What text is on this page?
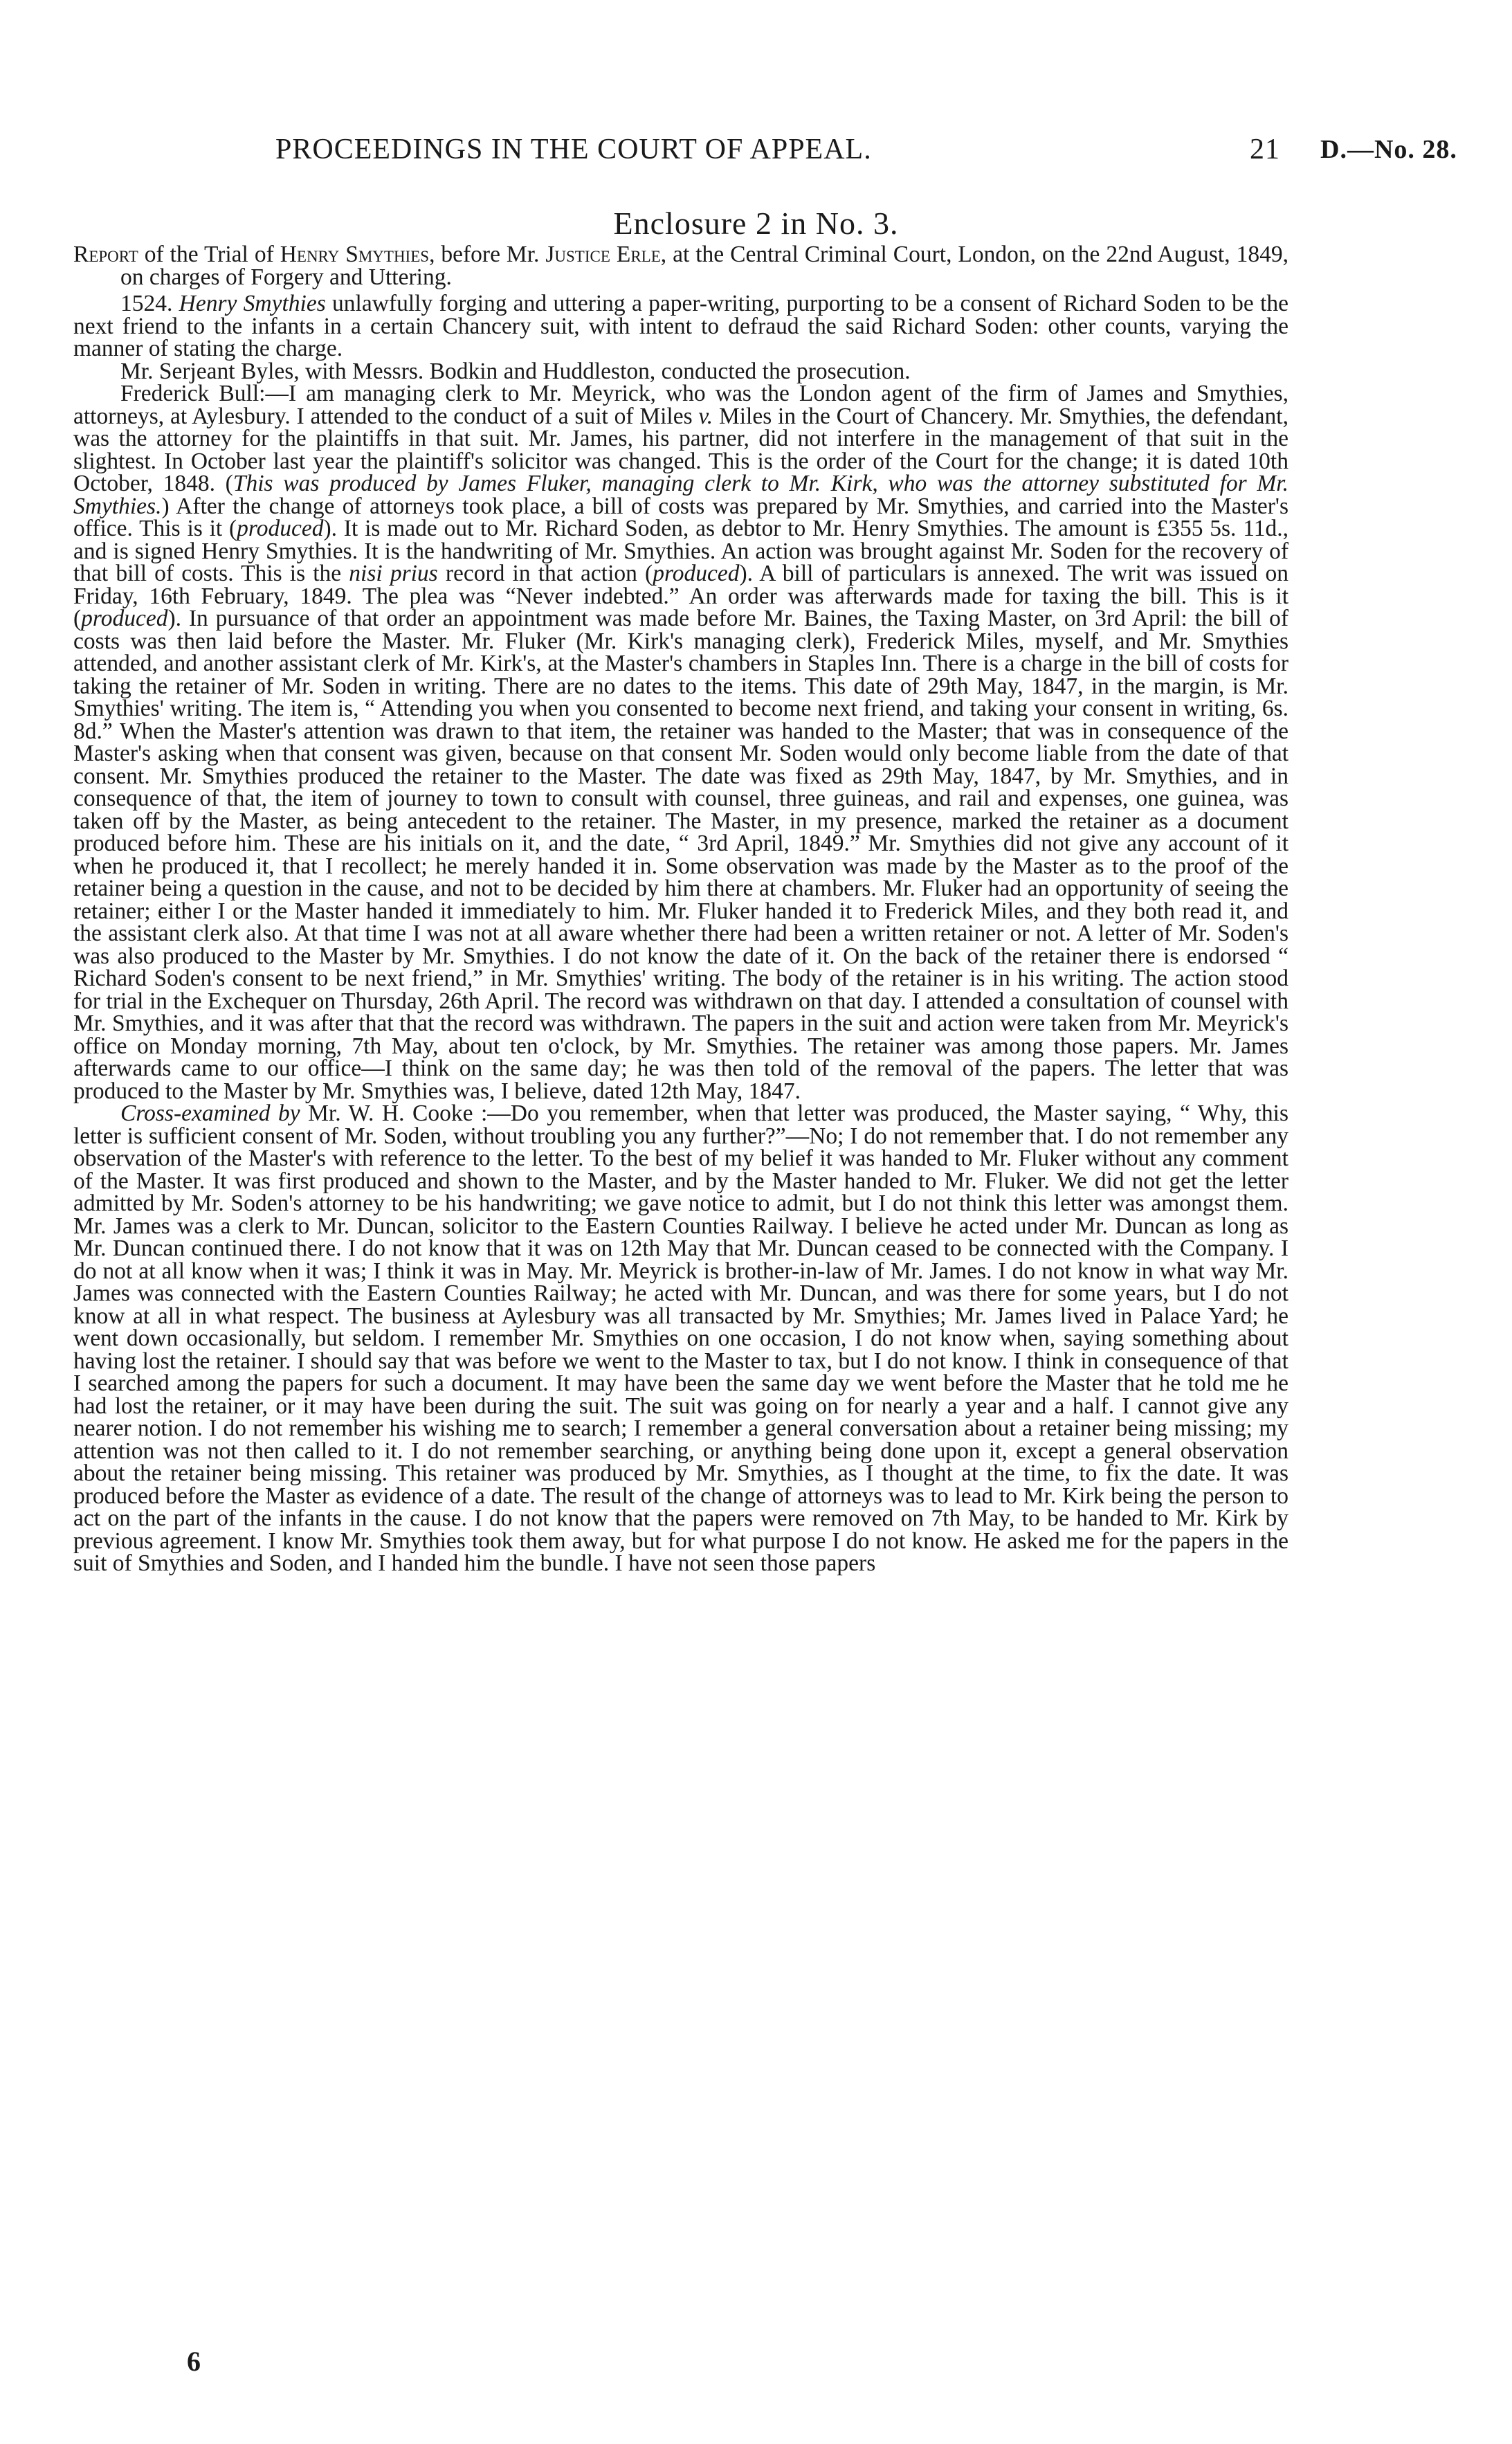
PROCEEDINGS IN THE COURT OF APPEAL.	21 D.—No. 28.
Enclosure 2 in No. 3.

Report of the Trial of Henry Smythies, before Mr. Justice Erle, at the Central Criminal Court, London, on the 22nd August, 1849, on charges of Forgery and Uttering.

1524. Henry Smythies unlawfully forging and uttering a paper-writing, purporting to be a consent of Richard Soden to be the next friend to the infants in a certain Chancery suit, with intent to defraud the said Richard Soden: other counts, varying the manner of stating the charge.

Mr. Serjeant Byles, with Messrs. Bodkin and Huddleston, conducted the prosecution.

Frederick Bull:—I am managing clerk to Mr. Meyrick, who was the London agent of the firm of James and Smythies, attorneys, at Aylesbury. I attended to the conduct of a suit of Miles v. Miles in the Court of Chancery. Mr. Smythies, the defendant, was the attorney for the plaintiffs in that suit. Mr. James, his partner, did not interfere in the management of that suit in the slightest. In October last year the plaintiff's solicitor was changed. This is the order of the Court for the change; it is dated 10th October, 1848. (This was produced by James Fluker, managing clerk to Mr. Kirk, who was the attorney substituted for Mr. Smythies.) After the change of attorneys took place, a bill of costs was prepared by Mr. Smythies, and carried into the Master's office. This is it (produced). It is made out to Mr. Richard Soden, as debtor to Mr. Henry Smythies. The amount is £355 5s. 11d., and is signed Henry Smythies. It is the handwriting of Mr. Smythies. An action was brought against Mr. Soden for the recovery of that bill of costs. This is the nisi prius record in that action (produced). A bill of particulars is annexed. The writ was issued on Friday, 16th February, 1849. The plea was “Never indebted.” An order was afterwards made for taxing the bill. This is it (produced). In pursuance of that order an appointment was made before Mr. Baines, the Taxing Master, on 3rd April: the bill of costs was then laid before the Master. Mr. Fluker (Mr. Kirk's managing clerk), Frederick Miles, myself, and Mr. Smythies attended, and another assistant clerk of Mr. Kirk's, at the Master's chambers in Staples Inn. There is a charge in the bill of costs for taking the retainer of Mr. Soden in writing. There are no dates to the items. This date of 29th May, 1847, in the margin, is Mr. Smythies' writing. The item is, “ Attending you when you consented to become next friend, and taking your consent in writing, 6s. 8d.” When the Master's attention was drawn to that item, the retainer was handed to the Master; that was in consequence of the Master's asking when that consent was given, because on that consent Mr. Soden would only become liable from the date of that consent. Mr. Smythies produced the retainer to the Master. The date was fixed as 29th May, 1847, by Mr. Smythies, and in consequence of that, the item of journey to town to consult with counsel, three guineas, and rail and expenses, one guinea, was taken off by the Master, as being antecedent to the retainer. The Master, in my presence, marked the retainer as a document produced before him. These are his initials on it, and the date, “ 3rd April, 1849.” Mr. Smythies did not give any account of it when he produced it, that I recollect; he merely handed it in. Some observation was made by the Master as to the proof of the retainer being a question in the cause, and not to be decided by him there at chambers. Mr. Fluker had an opportunity of seeing the retainer; either I or the Master handed it immediately to him. Mr. Fluker handed it to Frederick Miles, and they both read it, and the assistant clerk also. At that time I was not at all aware whether there had been a written retainer or not. A letter of Mr. Soden's was also produced to the Master by Mr. Smythies. I do not know the date of it. On the back of the retainer there is endorsed “ Richard Soden's consent to be next friend,” in Mr. Smythies' writing. The body of the retainer is in his writing. The action stood for trial in the Exchequer on Thursday, 26th April. The record was withdrawn on that day. I attended a consultation of counsel with Mr. Smythies, and it was after that that the record was withdrawn. The papers in the suit and action were taken from Mr. Meyrick's office on Monday morning, 7th May, about ten o'clock, by Mr. Smythies. The retainer was among those papers. Mr. James afterwards came to our office—I think on the same day; he was then told of the removal of the papers. The letter that was produced to the Master by Mr. Smythies was, I believe, dated 12th May, 1847.

Cross-examined by Mr. W. H. Cooke :—Do you remember, when that letter was produced, the Master saying, “ Why, this letter is sufficient consent of Mr. Soden, without troubling you any further?”—No; I do not remember that. I do not remember any observation of the Master's with reference to the letter. To the best of my belief it was handed to Mr. Fluker without any comment of the Master. It was first produced and shown to the Master, and by the Master handed to Mr. Fluker. We did not get the letter admitted by Mr. Soden's attorney to be his handwriting; we gave notice to admit, but I do not think this letter was amongst them. Mr. James was a clerk to Mr. Duncan, solicitor to the Eastern Counties Railway. I believe he acted under Mr. Duncan as long as Mr. Duncan continued there. I do not know that it was on 12th May that Mr. Duncan ceased to be connected with the Company. I do not at all know when it was; I think it was in May. Mr. Meyrick is brother-in-law of Mr. James. I do not know in what way Mr. James was connected with the Eastern Counties Railway; he acted with Mr. Duncan, and was there for some years, but I do not know at all in what respect. The business at Aylesbury was all transacted by Mr. Smythies; Mr. James lived in Palace Yard; he went down occasionally, but seldom. I remember Mr. Smythies on one occasion, I do not know when, saying something about having lost the retainer. I should say that was before we went to the Master to tax, but I do not know. I think in consequence of that I searched among the papers for such a document. It may have been the same day we went before the Master that he told me he had lost the retainer, or it may have been during the suit. The suit was going on for nearly a year and a half. I cannot give any nearer notion. I do not remember his wishing me to search; I remember a general conversation about a retainer being missing; my attention was not then called to it. I do not remember searching, or anything being done upon it, except a general observation about the retainer being missing. This retainer was produced by Mr. Smythies, as I thought at the time, to fix the date. It was produced before the Master as evidence of a date. The result of the change of attorneys was to lead to Mr. Kirk being the person to act on the part of the infants in the cause. I do not know that the papers were removed on 7th May, to be handed to Mr. Kirk by previous agreement. I know Mr. Smythies took them away, but for what purpose I do not know. He asked me for the papers in the suit of Smythies and Soden, and I handed him the bundle. I have not seen those papers

6
